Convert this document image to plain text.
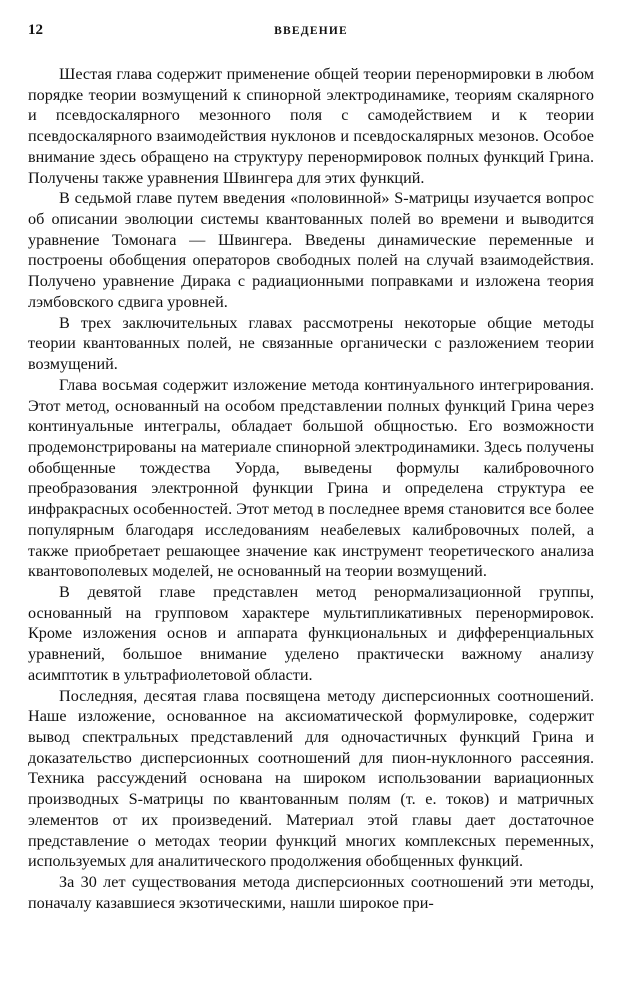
12	ВВЕДЕНИЕ

Шестая глава содержит применение общей теории перенормировки в любом порядке теории возмущений к спинорной электродинамике, теориям скалярного и псевдоскалярного мезонного поля с самодействием и к теории псевдоскалярного взаимодействия нуклонов и псевдоскалярных мезонов. Особое внимание здесь обращено на структуру перенормировок полных функций Грина. Получены также уравнения Швингера для этих функций.

В седьмой главе путем введения «половинной» S-матрицы изучается вопрос об описании эволюции системы квантованных полей во времени и выводится уравнение Томонага — Швингера. Введены динамические переменные и построены обобщения операторов свободных полей на случай взаимодействия. Получено уравнение Дирака с радиационными поправками и изложена теория лэмбовского сдвига уровней.

В трех заключительных главах рассмотрены некоторые общие методы теории квантованных полей, не связанные органически с разложением теории возмущений.

Глава восьмая содержит изложение метода континуального интегрирования. Этот метод, основанный на особом представлении полных функций Грина через континуальные интегралы, обладает большой общностью. Его возможности продемонстрированы на материале спинорной электродинамики. Здесь получены обобщенные тождества Уорда, выведены формулы калибровочного преобразования электронной функции Грина и определена структура ее инфракрасных особенностей. Этот метод в последнее время становится все более популярным благодаря исследованиям неабелевых калибровочных полей, а также приобретает решающее значение как инструмент теоретического анализа квантовополевых моделей, не основанный на теории возмущений.

В девятой главе представлен метод ренормализационной группы, основанный на групповом характере мультипликативных перенормировок. Кроме изложения основ и аппарата функциональных и дифференциальных уравнений, большое внимание уделено практически важному анализу асимптотик в ультрафиолетовой области.

Последняя, десятая глава посвящена методу дисперсионных соотношений. Наше изложение, основанное на аксиоматической формулировке, содержит вывод спектральных представлений для одночастичных функций Грина и доказательство дисперсионных соотношений для пион-нуклонного рассеяния. Техника рассуждений основана на широком использовании вариационных производных S-матрицы по квантованным полям (т. е. токов) и матричных элементов от их произведений. Материал этой главы дает достаточное представление о методах теории функций многих комплексных переменных, используемых для аналитического продолжения обобщенных функций.

За 30 лет существования метода дисперсионных соотношений эти методы, поначалу казавшиеся экзотическими, нашли широкое при-
